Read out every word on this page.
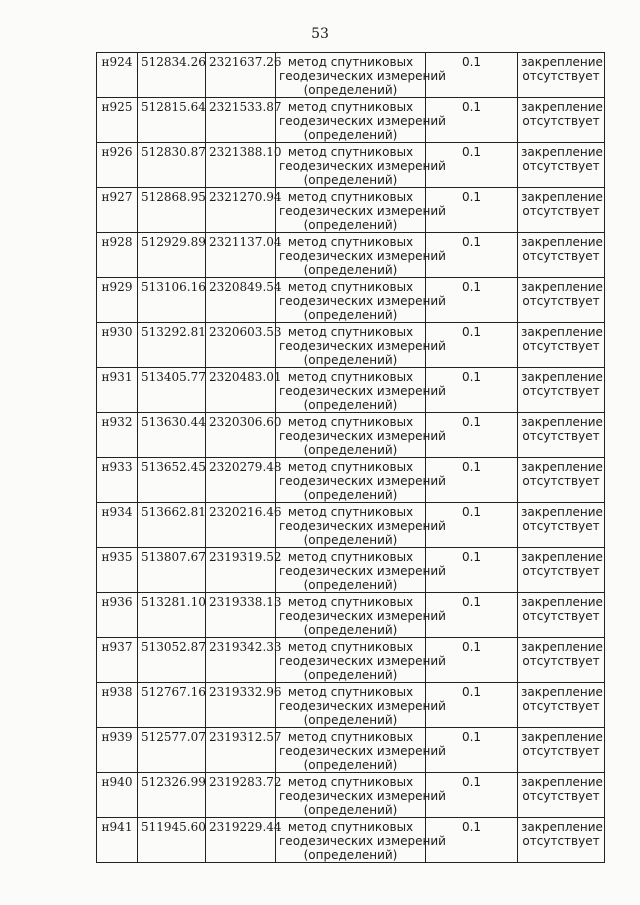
53
н924	512834.26	2321637.26	метод спутниковых
геодезических измерений
(определений)	0.1	закрепление
отсутствует

н925	512815.64	2321533.87	метод спутниковых
геодезических измерений
(определений)	0.1	закрепление
отсутствует

н926	512830.87	2321388.10	метод спутниковых
геодезических измерений
(определений)	0.1	закрепление
отсутствует

н927	512868.95	2321270.94	метод спутниковых
геодезических измерений
(определений)	0.1	закрепление
отсутствует

н928	512929.89	2321137.04	метод спутниковых
геодезических измерений
(определений)	0.1	закрепление
отсутствует

н929	513106.16	2320849.54	метод спутниковых
геодезических измерений
(определений)	0.1	закрепление
отсутствует

н930	513292.81	2320603.53	метод спутниковых
геодезических измерений
(определений)	0.1	закрепление
отсутствует

н931	513405.77	2320483.01	метод спутниковых
геодезических измерений
(определений)	0.1	закрепление
отсутствует

н932	513630.44	2320306.60	метод спутниковых
геодезических измерений
(определений)	0.1	закрепление
отсутствует

н933	513652.45	2320279.48	метод спутниковых
геодезических измерений
(определений)	0.1	закрепление
отсутствует

н934	513662.81	2320216.46	метод спутниковых
геодезических измерений
(определений)	0.1	закрепление
отсутствует

н935	513807.67	2319319.52	метод спутниковых
геодезических измерений
(определений)	0.1	закрепление
отсутствует

н936	513281.10	2319338.13	метод спутниковых
геодезических измерений
(определений)	0.1	закрепление
отсутствует

н937	513052.87	2319342.33	метод спутниковых
геодезических измерений
(определений)	0.1	закрепление
отсутствует

н938	512767.16	2319332.96	метод спутниковых
геодезических измерений
(определений)	0.1	закрепление
отсутствует

н939	512577.07	2319312.57	метод спутниковых
геодезических измерений
(определений)	0.1	закрепление
отсутствует

н940	512326.99	2319283.72	метод спутниковых
геодезических измерений
(определений)	0.1	закрепление
отсутствует

н941	511945.60	2319229.44	метод спутниковых
геодезических измерений
(определений)	0.1	закрепление
отсутствует
